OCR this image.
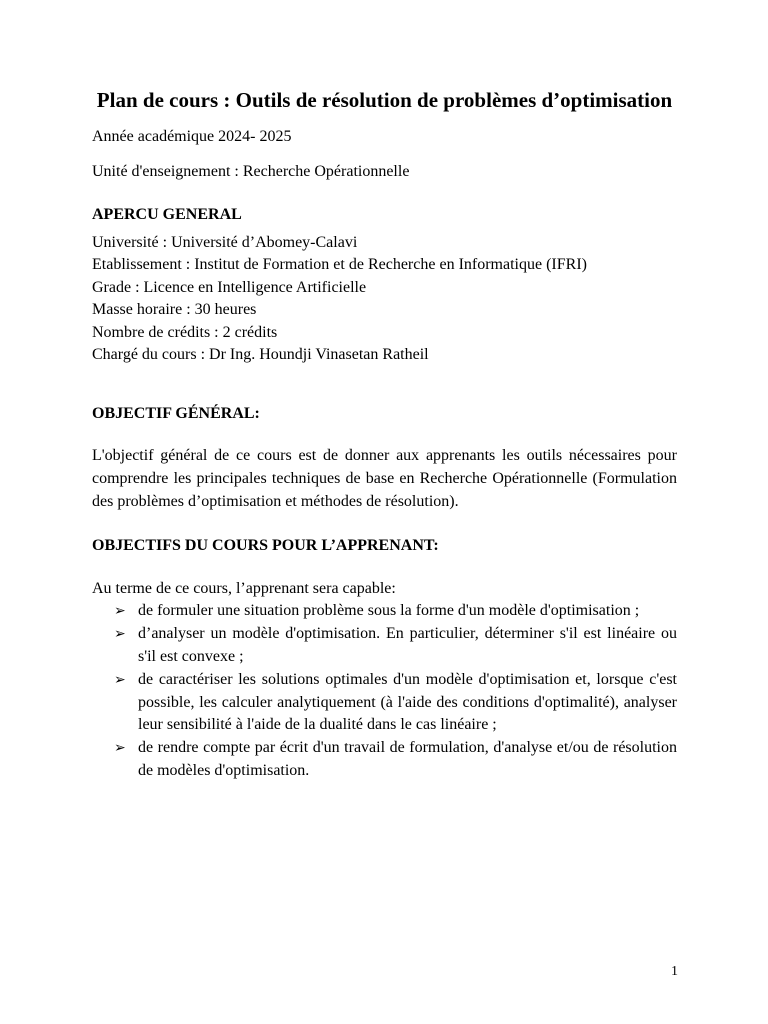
Plan de cours : Outils de résolution de problèmes d’optimisation

Année académique 2024- 2025

Unité d'enseignement : Recherche Opérationnelle

APERCU GENERAL

Université : Université d’Abomey-Calavi

Etablissement : Institut de Formation et de Recherche en Informatique (IFRI)

Grade : Licence en Intelligence Artificielle

Masse horaire : 30 heures

Nombre de crédits : 2 crédits

Chargé du cours : Dr Ing. Houndji Vinasetan Ratheil

OBJECTIF GÉNÉRAL:

L'objectif général de ce cours est de donner aux apprenants les outils nécessaires pour comprendre les principales techniques de base en Recherche Opérationnelle (Formulation des problèmes d’optimisation et méthodes de résolution).

OBJECTIFS DU COURS POUR L’APPRENANT:

Au terme de ce cours, l’apprenant sera capable:

➢ de formuler une situation problème sous la forme d'un modèle d'optimisation ;
➢ d’analyser un modèle d'optimisation. En particulier, déterminer s'il est linéaire ou s'il est convexe ;
➢ de caractériser les solutions optimales d'un modèle d'optimisation et, lorsque c'est possible, les calculer analytiquement (à l'aide des conditions d'optimalité), analyser leur sensibilité à l'aide de la dualité dans le cas linéaire ;
➢ de rendre compte par écrit d'un travail de formulation, d'analyse et/ou de résolution de modèles d'optimisation.
1
